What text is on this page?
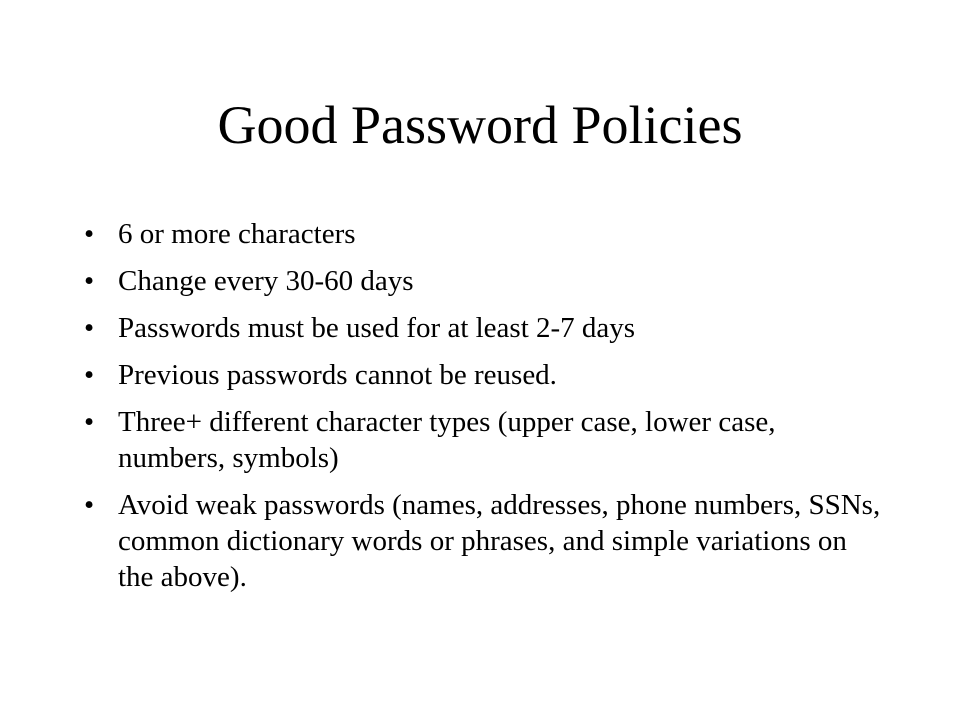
Good Password Policies
• 6 or more characters
• Change every 30-60 days
• Passwords must be used for at least 2-7 days
• Previous passwords cannot be reused.
• Three+ different character types (upper case, lower case, numbers, symbols)
• Avoid weak passwords (names, addresses, phone numbers, SSNs, common dictionary words or phrases, and simple variations on the above).
